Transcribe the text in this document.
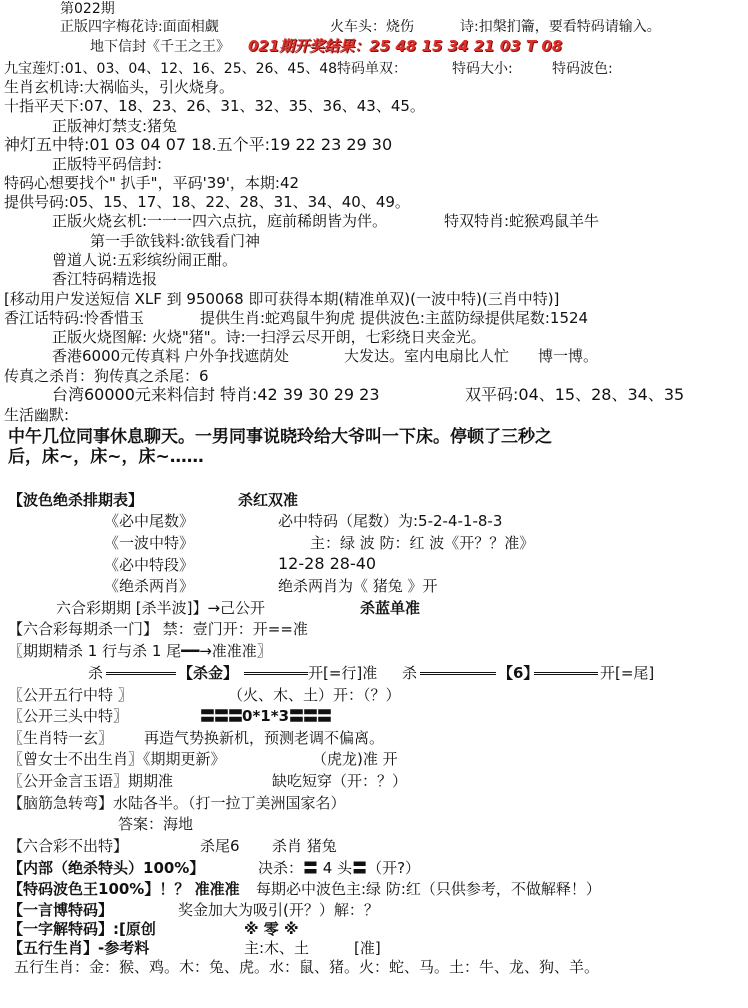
第022期
正版四字梅花诗:面面相觑	火车头：烧伤	诗:扣槃扪籥，要看特码请输入。
地下信封《千王之王》 021期开奖结果：25 48 15 34 21 03 T 08
九宝莲灯:01、03、04、12、16、25、26、45、48特码单双：	特码大小:	特码波色:
生肖玄机诗:大祸临头，引火烧身。
十指平天下:07、18、23、26、31、32、35、36、43、45。
正版神灯禁支:猪兔
神灯五中特:01 03 04 07 18.五个平:19 22 23 29 30
正版特平码信封:
特码心想要找个" 扒手"，平码'39'，本期:42
提供号码:05、15、17、18、22、28、31、34、40、49。
正版火烧玄机:一一一四六点抗，庭前稀朗皆为伴。	特双特肖:蛇猴鸡鼠羊牛
第一手欲钱料:欲钱看门神
曾道人说:五彩缤纷闹正酣。
香江特码精选报
[移动用户发送短信 XLF 到 950068 即可获得本期(精准单双)(一波中特)(三肖中特)]
香江话特码:怜香惜玉	提供生肖:蛇鸡鼠牛狗虎 提供波色:主蓝防绿提供尾数:1524
正版火烧图解: 火烧"猪"。诗:一扫浮云尽开朗，七彩绕日夹金光。
香港6000元传真料 户外争找遮荫处	大发达。室内电扇比人忙 博一博。
传真之杀肖：狗传真之杀尾：6
台湾60000元来料信封 特肖:42 39 30 29 23	双平码:04、15、28、34、35
生活幽默:
中午几位同事休息聊天。一男同事说晓玲给大爷叫一下床。停顿了三秒之
后，床~，床~，床~……
【波色绝杀排期表】	杀红双准
《必中尾数》	必中特码（尾数）为:5-2-4-1-8-3
《一波中特》	主：绿 波 防：红 波《开？？准》
《必中特段》	12-28 28-40
《绝杀两肖》	绝杀两肖为《 猪兔 》开
六合彩期期 [杀半波]】→己公开	杀蓝单准
【六合彩每期杀一门】 禁：壹门开：开==准
〖期期精杀 1 行与杀 1 尾━━→准准准〗
杀	【杀金】	开[=行]准 杀	【6】	开[=尾]
〖公开五行中特 〗	（火、木、土）开：（？）
〖公开三头中特〗	〓〓〓0*1*3〓〓〓
〖生肖特一玄〗 再造气势换新机，预测老调不偏离。
〖曾女士不出生肖〗《期期更新》	（虎龙)准 开
〖公开金言玉语〗期期准	缺吃短穿（开：？）
【脑筋急转弯】水陆各半。（打一拉丁美洲国家名）
答案：海地
【六合彩不出特】	杀尾6 杀肖 猪兔
【内部（绝杀特头）100%】	决杀：〓 4 头〓（开?）
【特码波色王100%】！？ 准准准 每期必中波色主:绿 防:红（只供参考，不做解释！）
【一言博特码】	奖金加大为吸引(开？）解：？
【一字解特码】:[原创	※ 零 ※
【五行生肖】-参考料	主:木、土	[准]
五行生肖：金：猴、鸡。木：兔、虎。水：鼠、猪。火：蛇、马。土：牛、龙、狗、羊。
